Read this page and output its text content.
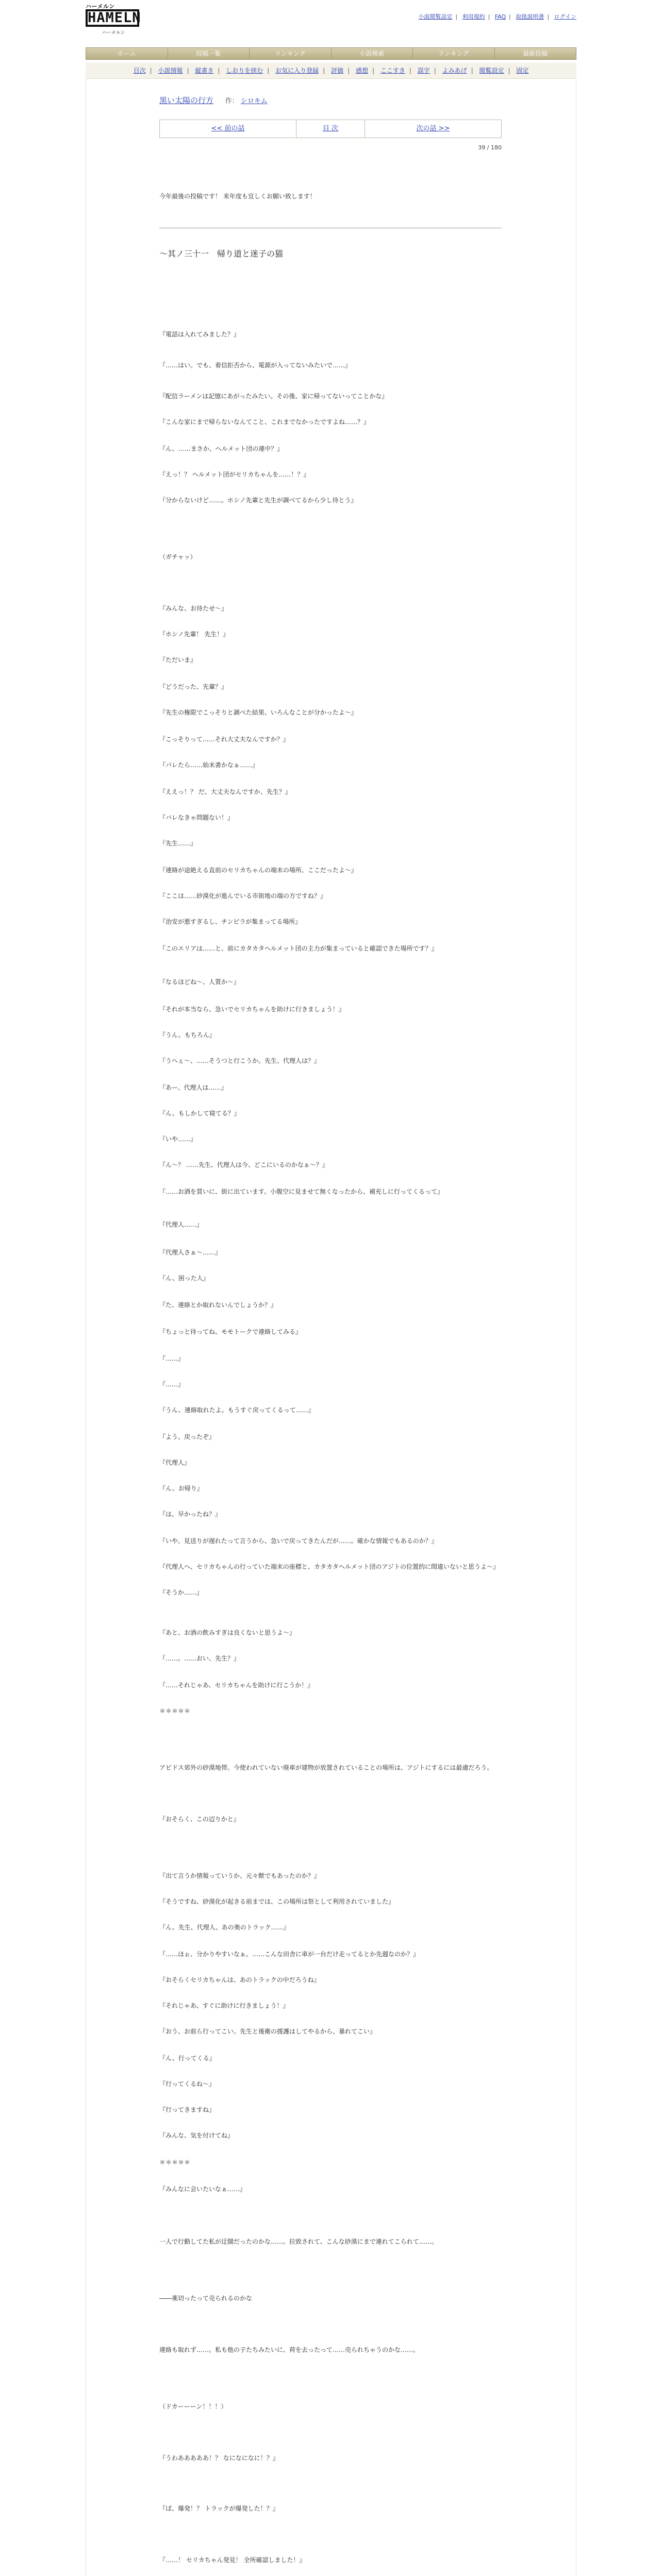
ハーメルン
HAMELN
ハーメルン
小説閲覧設定 | 利用規約 | FAQ | 取扱説明書 | ログイン
ホーム	投稿一覧	ランキング	小説検索	ランキング	最新投稿
目次 | 小説情報 | 縦書き | しおりを挟む | お気に入り登録 | 評価 | 感想 | ここすき | 誤字 | よみあげ | 閲覧設定 | 固定
黒い太陽の行方 作： シロキム
<< 前の話	目 次	次の話 >>
39 / 180
今年最後の投稿です！ 来年度も宜しくお願い致します！
〜其ノ三十一　帰り道と迷子の猫

『電話は入れてみました？』

『……はい。でも、着信拒否から、電源が入ってないみたいで……』

『配信ラーメンは記憶にあがったみたい。その後、家に帰ってないってことかな』

『こんな家にまで帰らないなんてこと、これまでなかったですよね……？』

『ん、……まさか、ヘルメット団の連中？』

『えっ！？ ヘルメット団がセリカちゃんを……！？』

『分からないけど……。ホシノ先輩と先生が調べてるから少し待とう』

（ガチャッ）

『みんな、お待たせ〜』

『ホシノ先輩！ 先生！』

『ただいま』

『どうだった、先輩？』

『先生の権限でこっそりと調べた結果、いろんなことが分かったよ〜』

『こっそりって……それ大丈夫なんですか？』

『バレたら……始末書かなぁ……』

『ええっ！？ だ、大丈夫なんですか、先生？』

『バレなきゃ問題ない！』

『先生……』

『連絡が途絶える直前のセリカちゃんの端末の場所、ここだったよ〜』

『ここは……砂漠化が進んでいる市街地の端の方ですね？』

『治安が悪すぎるし、チンピラが集まってる場所』

『このエリアは……と、前にカタカタヘルメット団の主力が集まっていると確認できた場所です？』

『なるほどね〜、人質か〜』

『それが本当なら、急いでセリカちゃんを助けに行きましょう！』

『うん。もちろん』

『うへぇ〜、……そうつと行こうか。先生、代理人は？』

『あー、代理人は……』

『ん、もしかして寝てる？』

『いや……』

『ん〜？ ……先生、代理人は今、どこにいるのかなぁ〜？』

『……お酒を買いに、街に出ています。小腹空に見ませて無くなったから、補充しに行ってくるって』

『代理人……』

『代理人さぁ〜……』

『ん、困った人』

『た、連絡とか取れないんでしょうか？』

『ちょっと待ってね、モモトークで連絡してみる』

『……』

『……』

『うん、連絡取れたよ。もうすぐ戻ってくるって……』

『よう、戻ったぞ』

『代理人』

『ん、お帰り』

『は、早かったね？』

『いや、見送りが遅れたって言うから、急いで戻ってきたんだが……。確かな情報でもあるのか？』

『代理人へ、セリカちゃんの行っていた端末の座標と、カタカタヘルメット団のアジトの位置的に間違いないと思うよ〜』

『そうか……』

『あと、お酒の飲みすぎは良くないと思うよ〜』

『……。……おい、先生？』

『……それじゃあ、セリカちゃんを助けに行こうか！』

＊＊＊＊＊

アビドス郊外の砂漠地帯。今使われていない廃車が建物が放置されていることの場所は、アジトにするには最適だろう。

『おそらく、この辺りかと』

『出て言うか情報っていうか、元々獣でもあったのか？』

『そうですね、砂漠化が起きる前までは、この場所は祭として利用されていました』

『ん、先生、代理人、あの奥のトラック……』

『……ほぉ、分かりやすいなぁ。……こんな田舎に車が一台だけ走ってるとか先週なのか？』

『おそらくセリカちゃんは、あのトラックの中だろうね』

『それじゃあ、すぐに助けに行きましょう！』

『おう、お前ら行ってこい。先生と後衛の援護はしてやるから、暴れてこい』

『ん、行ってくる』

『行ってくるね〜』

『行ってきますね』

『みんな、気を付けてね』

＊＊＊＊＊

『みんなに会いたいなぁ……』

一人で行動してた私が迂闊だったのかな……。拉致されて、こんな砂漠にまで連れてこられて……。

――薬切ったって売られるのかな

連絡も取れず……。私も他の子たちみたいに、荷を去ったって……売られちゃうのかな……。

（ドカーーーン！！！）

『うわあああああ！？ なになになに！？』

『ば、爆発！？ トラックが爆発した！？』

『……！ セリカちゃん発見！ 全所確認しました！』
